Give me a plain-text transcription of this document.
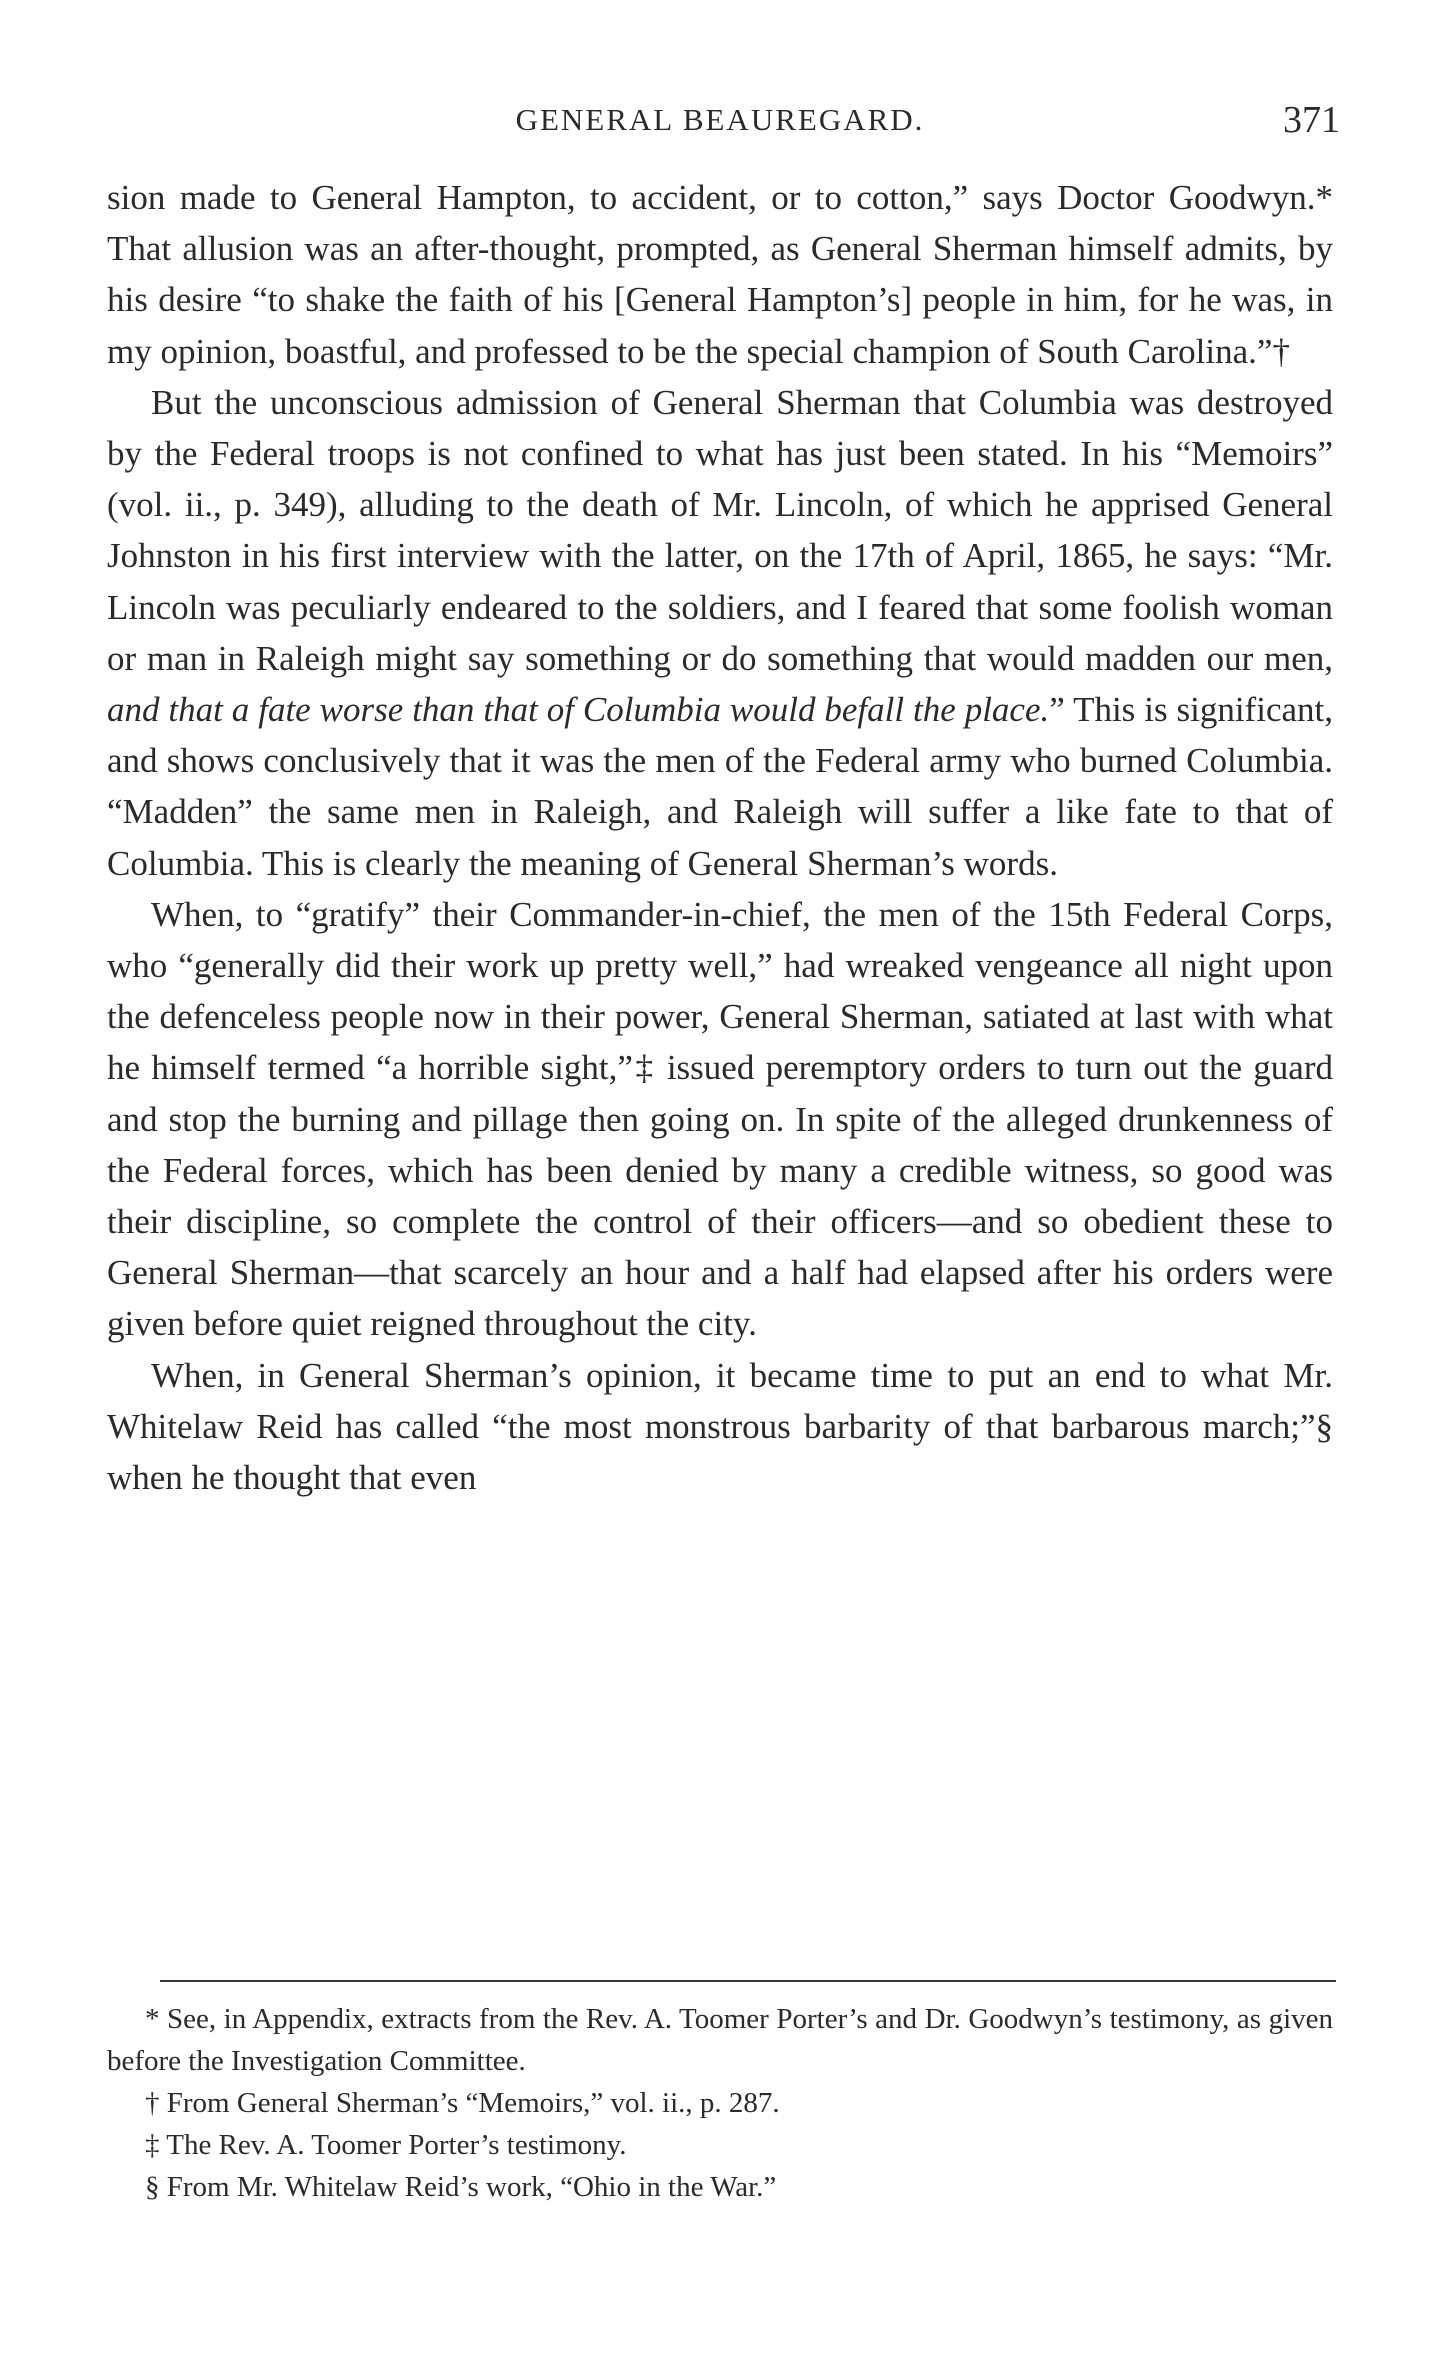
GENERAL BEAUREGARD.	371

sion made to General Hampton, to accident, or to cotton,” says Doctor Goodwyn.* That allusion was an after-thought, prompted, as General Sherman himself admits, by his desire “to shake the faith of his [General Hampton’s] people in him, for he was, in my opinion, boastful, and professed to be the special champion of South Carolina.”†

But the unconscious admission of General Sherman that Columbia was destroyed by the Federal troops is not confined to what has just been stated. In his “Memoirs” (vol. ii., p. 349), alluding to the death of Mr. Lincoln, of which he apprised General Johnston in his first interview with the latter, on the 17th of April, 1865, he says: “Mr. Lincoln was peculiarly endeared to the soldiers, and I feared that some foolish woman or man in Raleigh might say something or do something that would madden our men, and that a fate worse than that of Columbia would befall the place.” This is significant, and shows conclusively that it was the men of the Federal army who burned Columbia. “Madden” the same men in Raleigh, and Raleigh will suffer a like fate to that of Columbia. This is clearly the meaning of General Sherman’s words.

When, to “gratify” their Commander-in-chief, the men of the 15th Federal Corps, who “generally did their work up pretty well,” had wreaked vengeance all night upon the defenceless people now in their power, General Sherman, satiated at last with what he himself termed “a horrible sight,”‡ issued peremptory orders to turn out the guard and stop the burning and pillage then going on. In spite of the alleged drunkenness of the Federal forces, which has been denied by many a credible witness, so good was their discipline, so complete the control of their officers—and so obedient these to General Sherman—that scarcely an hour and a half had elapsed after his orders were given before quiet reigned throughout the city.

When, in General Sherman’s opinion, it became time to put an end to what Mr. Whitelaw Reid has called “the most monstrous barbarity of that barbarous march;”§ when he thought that even

* See, in Appendix, extracts from the Rev. A. Toomer Porter’s and Dr. Goodwyn’s testimony, as given before the Investigation Committee.

† From General Sherman’s “Memoirs,” vol. ii., p. 287.

‡ The Rev. A. Toomer Porter’s testimony.

§ From Mr. Whitelaw Reid’s work, “Ohio in the War.”
